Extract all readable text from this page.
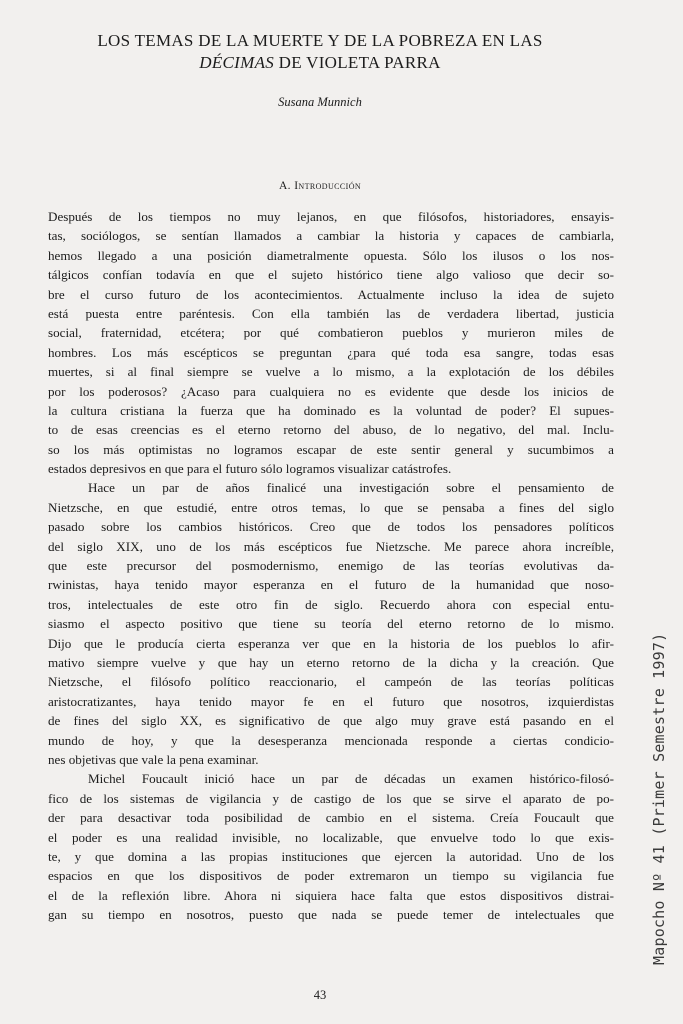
LOS TEMAS DE LA MUERTE Y DE LA POBREZA EN LAS
DÉCIMAS DE VIOLETA PARRA
Susana Munnich
A. Introducción
Después de los tiempos no muy lejanos, en que filósofos, historiadores, ensayis-
tas, sociólogos, se sentían llamados a cambiar la historia y capaces de cambiarla,
hemos llegado a una posición diametralmente opuesta. Sólo los ilusos o los nos-
tálgicos confían todavía en que el sujeto histórico tiene algo valioso que decir so-
bre el curso futuro de los acontecimientos. Actualmente incluso la idea de sujeto
está puesta entre paréntesis. Con ella también las de verdadera libertad, justicia
social, fraternidad, etcétera; por qué combatieron pueblos y murieron miles de
hombres. Los más escépticos se preguntan ¿para qué toda esa sangre, todas esas
muertes, si al final siempre se vuelve a lo mismo, a la explotación de los débiles
por los poderosos? ¿Acaso para cualquiera no es evidente que desde los inicios de
la cultura cristiana la fuerza que ha dominado es la voluntad de poder? El supues-
to de esas creencias es el eterno retorno del abuso, de lo negativo, del mal. Inclu-
so los más optimistas no logramos escapar de este sentir general y sucumbimos a
estados depresivos en que para el futuro sólo logramos visualizar catástrofes.
Hace un par de años finalicé una investigación sobre el pensamiento de
Nietzsche, en que estudié, entre otros temas, lo que se pensaba a fines del siglo
pasado sobre los cambios históricos. Creo que de todos los pensadores políticos
del siglo XIX, uno de los más escépticos fue Nietzsche. Me parece ahora increíble,
que este precursor del posmodernismo, enemigo de las teorías evolutivas da-
rwinistas, haya tenido mayor esperanza en el futuro de la humanidad que noso-
tros, intelectuales de este otro fin de siglo. Recuerdo ahora con especial entu-
siasmo el aspecto positivo que tiene su teoría del eterno retorno de lo mismo.
Dijo que le producía cierta esperanza ver que en la historia de los pueblos lo afir-
mativo siempre vuelve y que hay un eterno retorno de la dicha y la creación. Que
Nietzsche, el filósofo político reaccionario, el campeón de las teorías políticas
aristocratizantes, haya tenido mayor fe en el futuro que nosotros, izquierdistas
de fines del siglo XX, es significativo de que algo muy grave está pasando en el
mundo de hoy, y que la desesperanza mencionada responde a ciertas condicio-
nes objetivas que vale la pena examinar.
Michel Foucault inició hace un par de décadas un examen histórico-filosó-
fico de los sistemas de vigilancia y de castigo de los que se sirve el aparato de po-
der para desactivar toda posibilidad de cambio en el sistema. Creía Foucault que
el poder es una realidad invisible, no localizable, que envuelve todo lo que exis-
te, y que domina a las propias instituciones que ejercen la autoridad. Uno de los
espacios en que los dispositivos de poder extremaron un tiempo su vigilancia fue
el de la reflexión libre. Ahora ni siquiera hace falta que estos dispositivos distrai-
gan su tiempo en nosotros, puesto que nada se puede temer de intelectuales que
43
Mapocho Nº 41 (Primer Semestre 1997)
